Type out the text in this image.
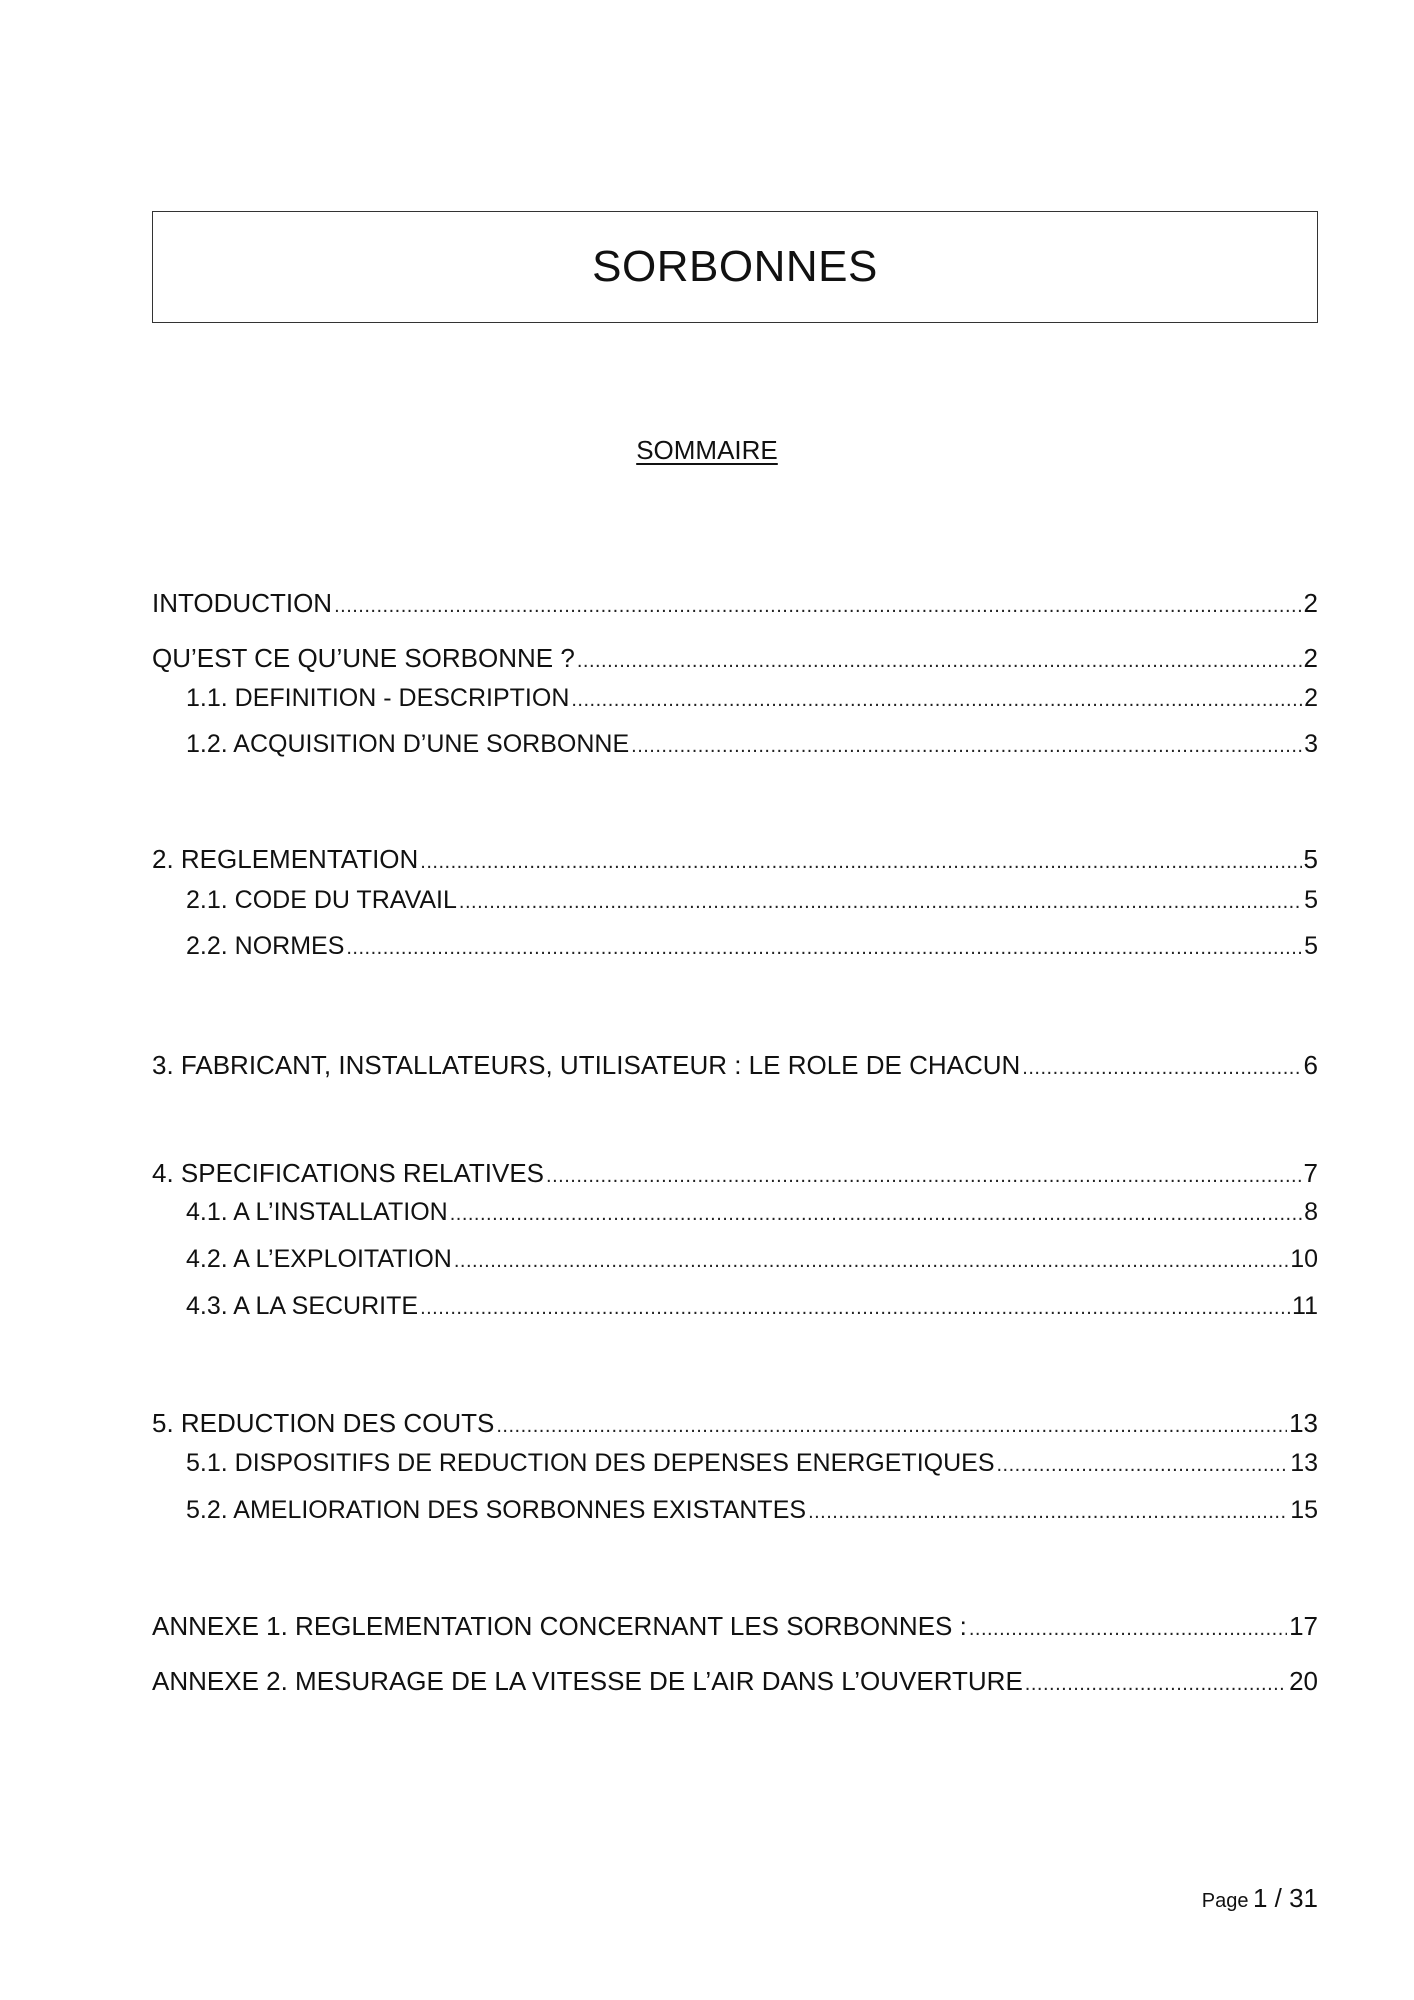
SORBONNES
SOMMAIRE
INTODUCTION .....	2
QU’EST CE QU’UNE SORBONNE ? .....	2
1.1. DEFINITION - DESCRIPTION .....	2
1.2. ACQUISITION D’UNE SORBONNE .....	3
2. REGLEMENTATION .....	5
2.1. CODE DU TRAVAIL .....	5
2.2. NORMES .....	5
3. FABRICANT, INSTALLATEURS, UTILISATEUR : LE ROLE DE CHACUN .....	6
4. SPECIFICATIONS RELATIVES .....	7
4.1. A L’INSTALLATION .....	8
4.2. A L’EXPLOITATION .....	10
4.3. A LA SECURITE .....	11
5. REDUCTION DES COUTS .....	13
5.1. DISPOSITIFS DE REDUCTION DES DEPENSES ENERGETIQUES .....	13
5.2. AMELIORATION DES SORBONNES EXISTANTES .....	15
ANNEXE 1. REGLEMENTATION CONCERNANT LES SORBONNES : .....	17
ANNEXE 2. MESURAGE DE LA VITESSE DE L’AIR DANS L’OUVERTURE .....	20
Page 1 / 31
